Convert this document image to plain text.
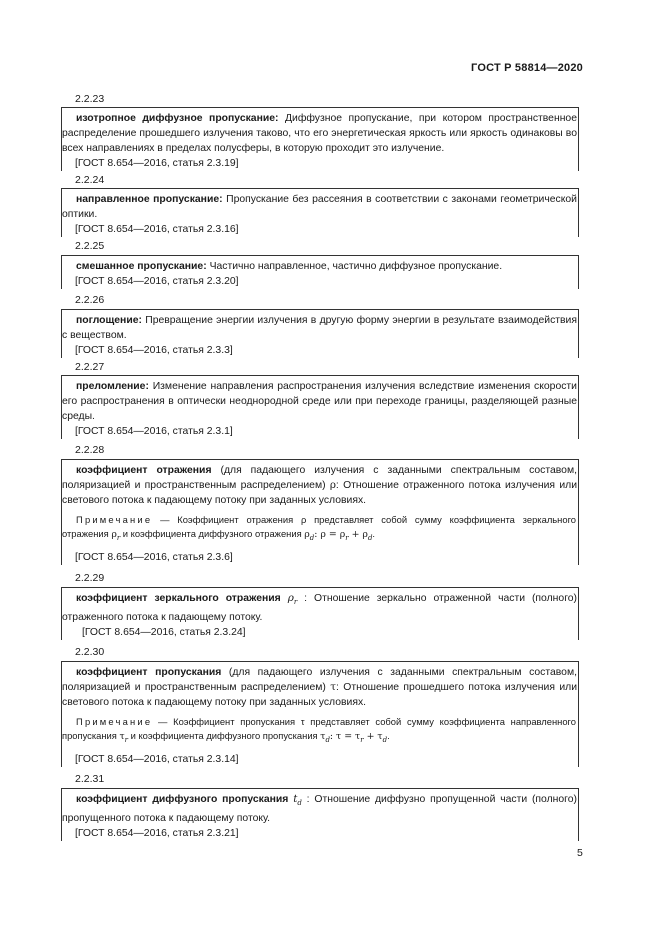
ГОСТ Р 58814—2020
2.2.23

изотропное диффузное пропускание: Диффузное пропускание, при котором пространственное распределение прошедшего излучения таково, что его энергетическая яркость или яркость одинаковы во всех направлениях в пределах полусферы, в которую проходит это излучение.

[ГОСТ 8.654—2016, статья 2.3.19]

2.2.24

направленное пропускание: Пропускание без рассеяния в соответствии с законами геометрической оптики.

[ГОСТ 8.654—2016, статья 2.3.16]

2.2.25

смешанное пропускание: Частично направленное, частично диффузное пропускание.

[ГОСТ 8.654—2016, статья 2.3.20]

2.2.26

поглощение: Превращение энергии излучения в другую форму энергии в результате взаимодействия с веществом.

[ГОСТ 8.654—2016, статья 2.3.3]

2.2.27

преломление: Изменение направления распространения излучения вследствие изменения скорости его распространения в оптически неоднородной среде или при переходе границы, разделяющей разные среды.

[ГОСТ 8.654—2016, статья 2.3.1]

2.2.28

коэффициент отражения (для падающего излучения с заданными спектральным составом, поляризацией и пространственным распределением) ρ: Отношение отраженного потока излучения или светового потока к падающему потоку при заданных условиях.

Примечание — Коэффициент отражения ρ представляет собой сумму коэффициента зеркального отражения $\rho_r$ и коэффициента диффузного отражения $\rho_d$: $\rho = \rho_r + \rho_d$.

[ГОСТ 8.654—2016, статья 2.3.6]

2.2.29

коэффициент зеркального отражения $\rho_r$ : Отношение зеркально отраженной части (полного) отраженного потока к падающему потоку.

[ГОСТ 8.654—2016, статья 2.3.24]

2.2.30

коэффициент пропускания (для падающего излучения с заданными спектральным составом, поляризацией и пространственным распределением) τ: Отношение прошедшего потока излучения или светового потока к падающему потоку при заданных условиях.

Примечание — Коэффициент пропускания τ представляет собой сумму коэффициента направленного пропускания $\tau_r$ и коэффициента диффузного пропускания $\tau_d$: $\tau = \tau_r + \tau_d$.

[ГОСТ 8.654—2016, статья 2.3.14]

2.2.31

коэффициент диффузного пропускания $t_d$ : Отношение диффузно пропущенной части (полного) пропущенного потока к падающему потоку.

[ГОСТ 8.654—2016, статья 2.3.21]

5
